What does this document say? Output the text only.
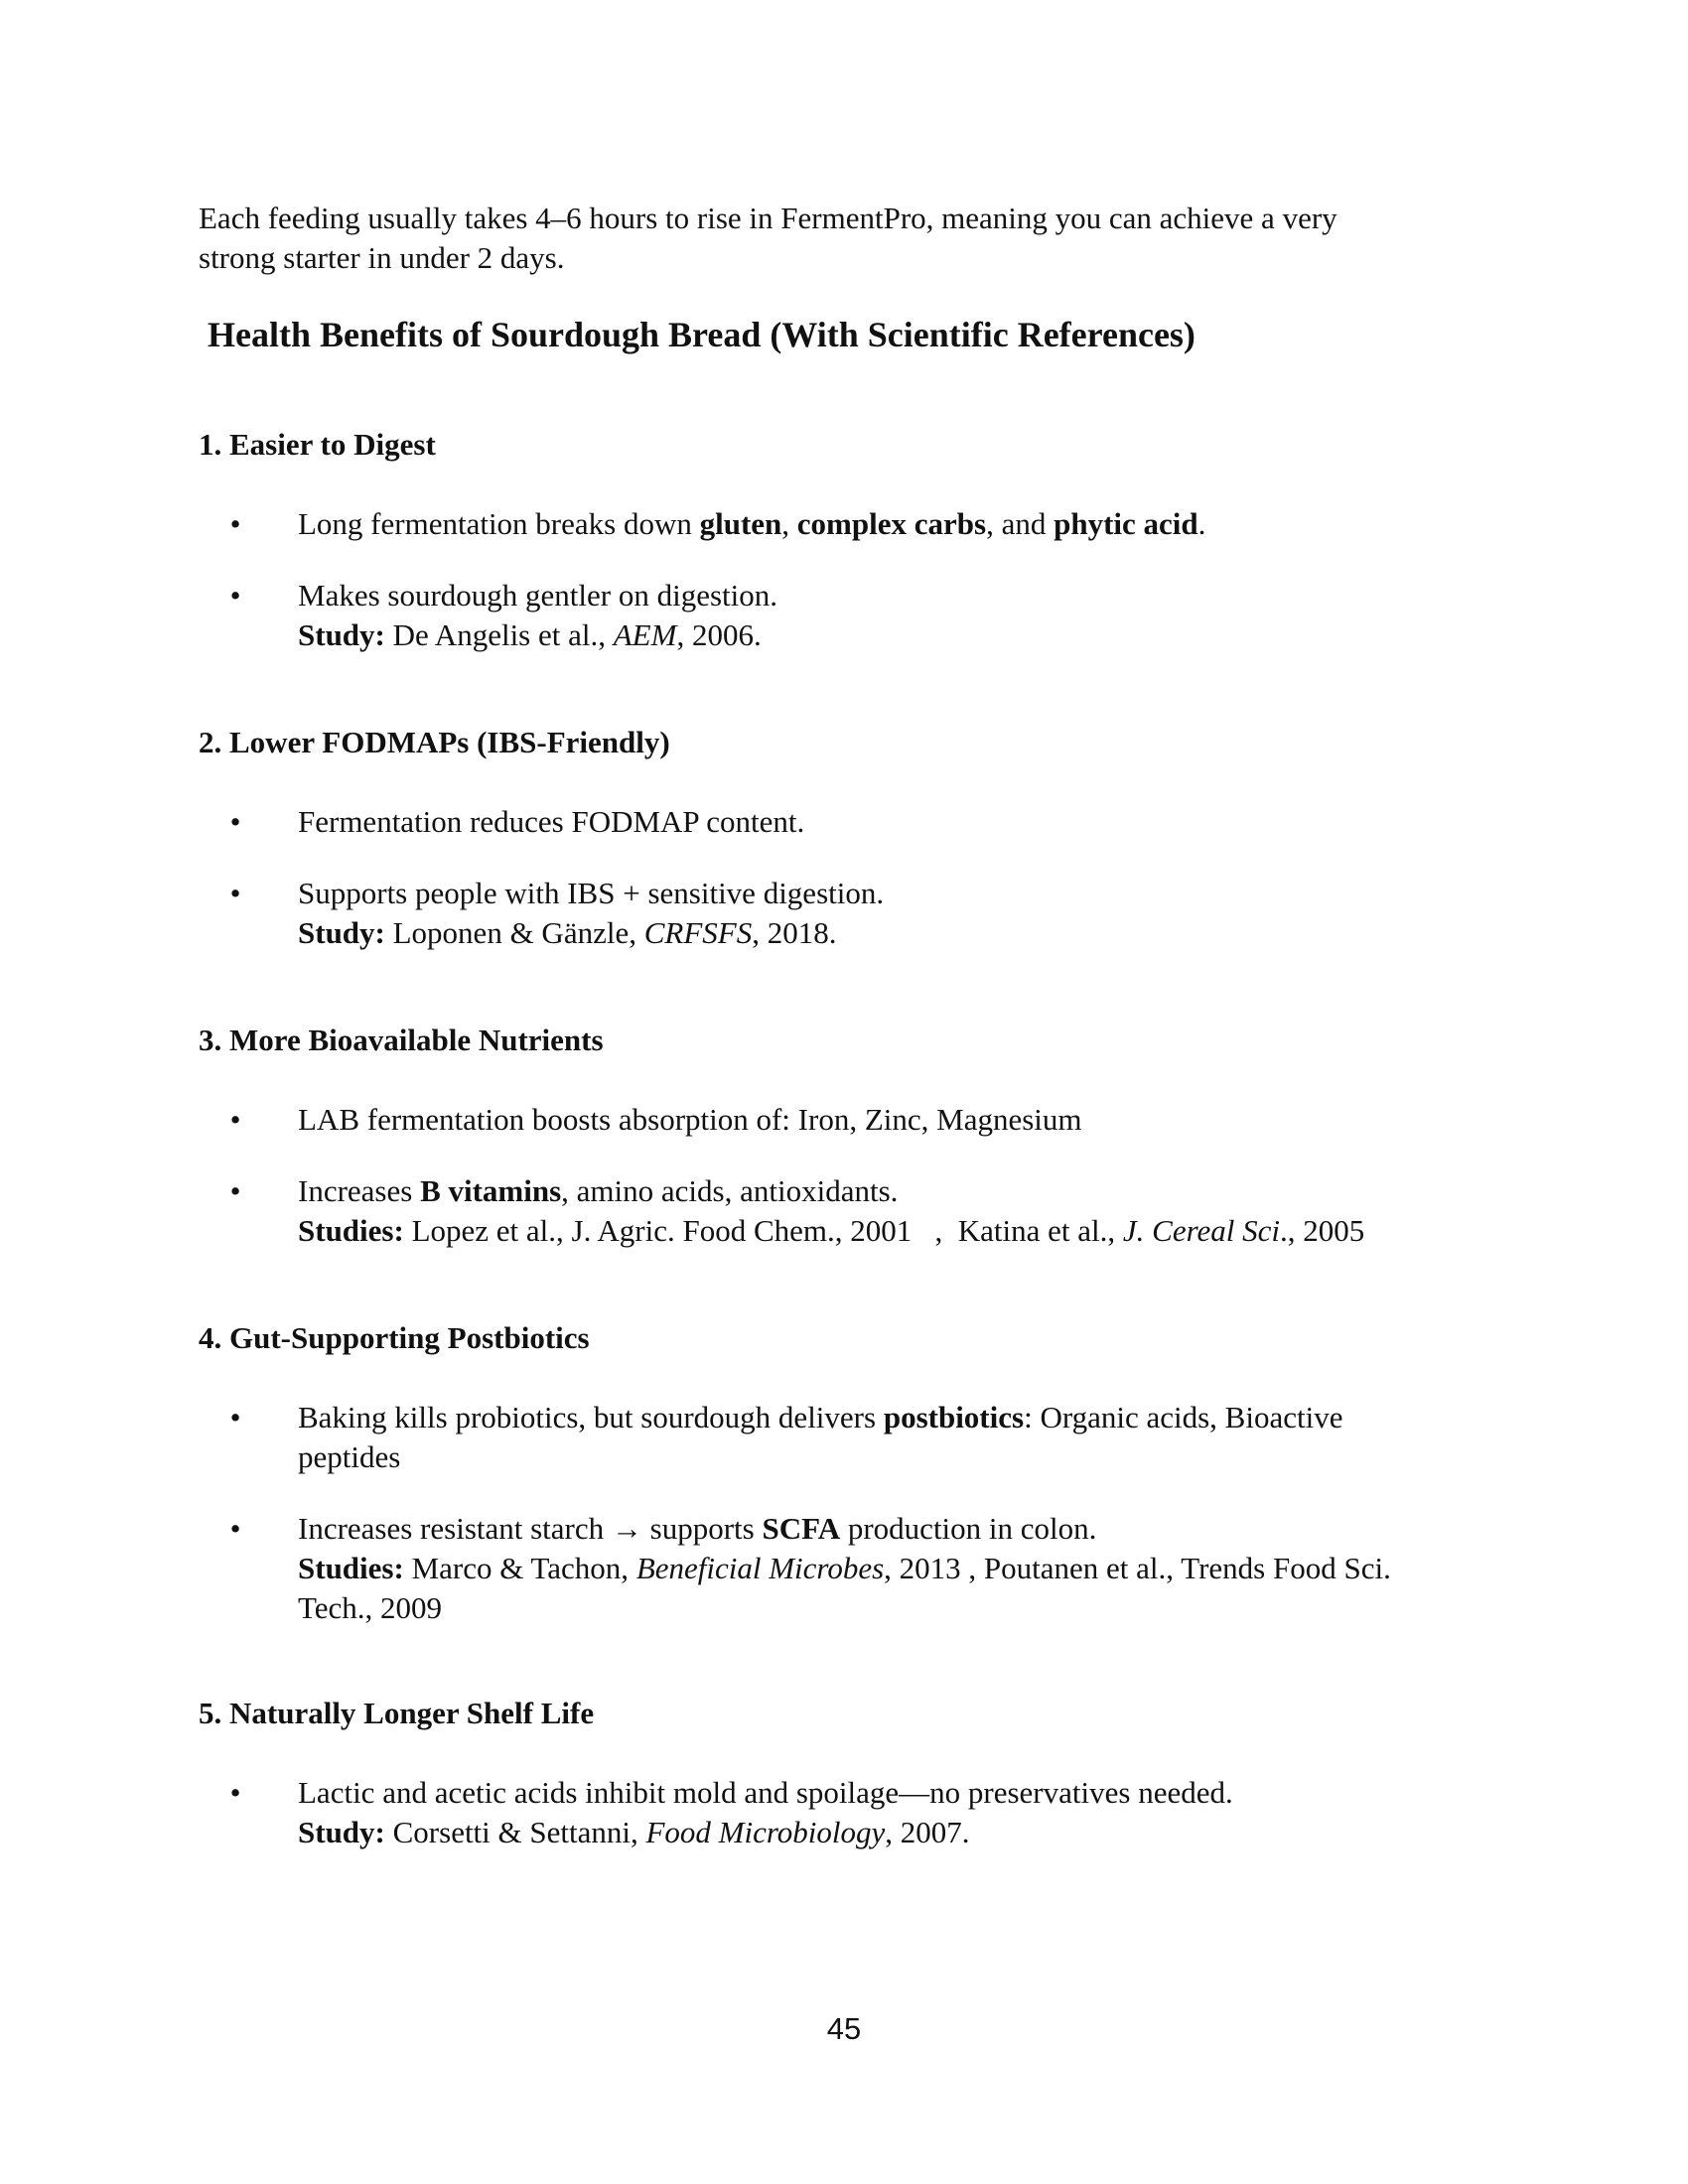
Each feeding usually takes 4–6 hours to rise in FermentPro, meaning you can achieve a very
strong starter in under 2 days.
Health Benefits of Sourdough Bread (With Scientific References)
1. Easier to Digest
• Long fermentation breaks down gluten, complex carbs, and phytic acid.
• Makes sourdough gentler on digestion.
Study: De Angelis et al., AEM, 2006.
2. Lower FODMAPs (IBS-Friendly)
• Fermentation reduces FODMAP content.
• Supports people with IBS + sensitive digestion.
Study: Loponen & Gänzle, CRFSFS, 2018.
3. More Bioavailable Nutrients
• LAB fermentation boosts absorption of: Iron, Zinc, Magnesium
• Increases B vitamins, amino acids, antioxidants.
Studies: Lopez et al., J. Agric. Food Chem., 2001   ,  Katina et al., J. Cereal Sci., 2005
4. Gut-Supporting Postbiotics
• Baking kills probiotics, but sourdough delivers postbiotics: Organic acids, Bioactive
peptides
• Increases resistant starch → supports SCFA production in colon.
Studies: Marco & Tachon, Beneficial Microbes, 2013 , Poutanen et al., Trends Food Sci.
Tech., 2009
5. Naturally Longer Shelf Life
• Lactic and acetic acids inhibit mold and spoilage—no preservatives needed.
Study: Corsetti & Settanni, Food Microbiology, 2007.
45
